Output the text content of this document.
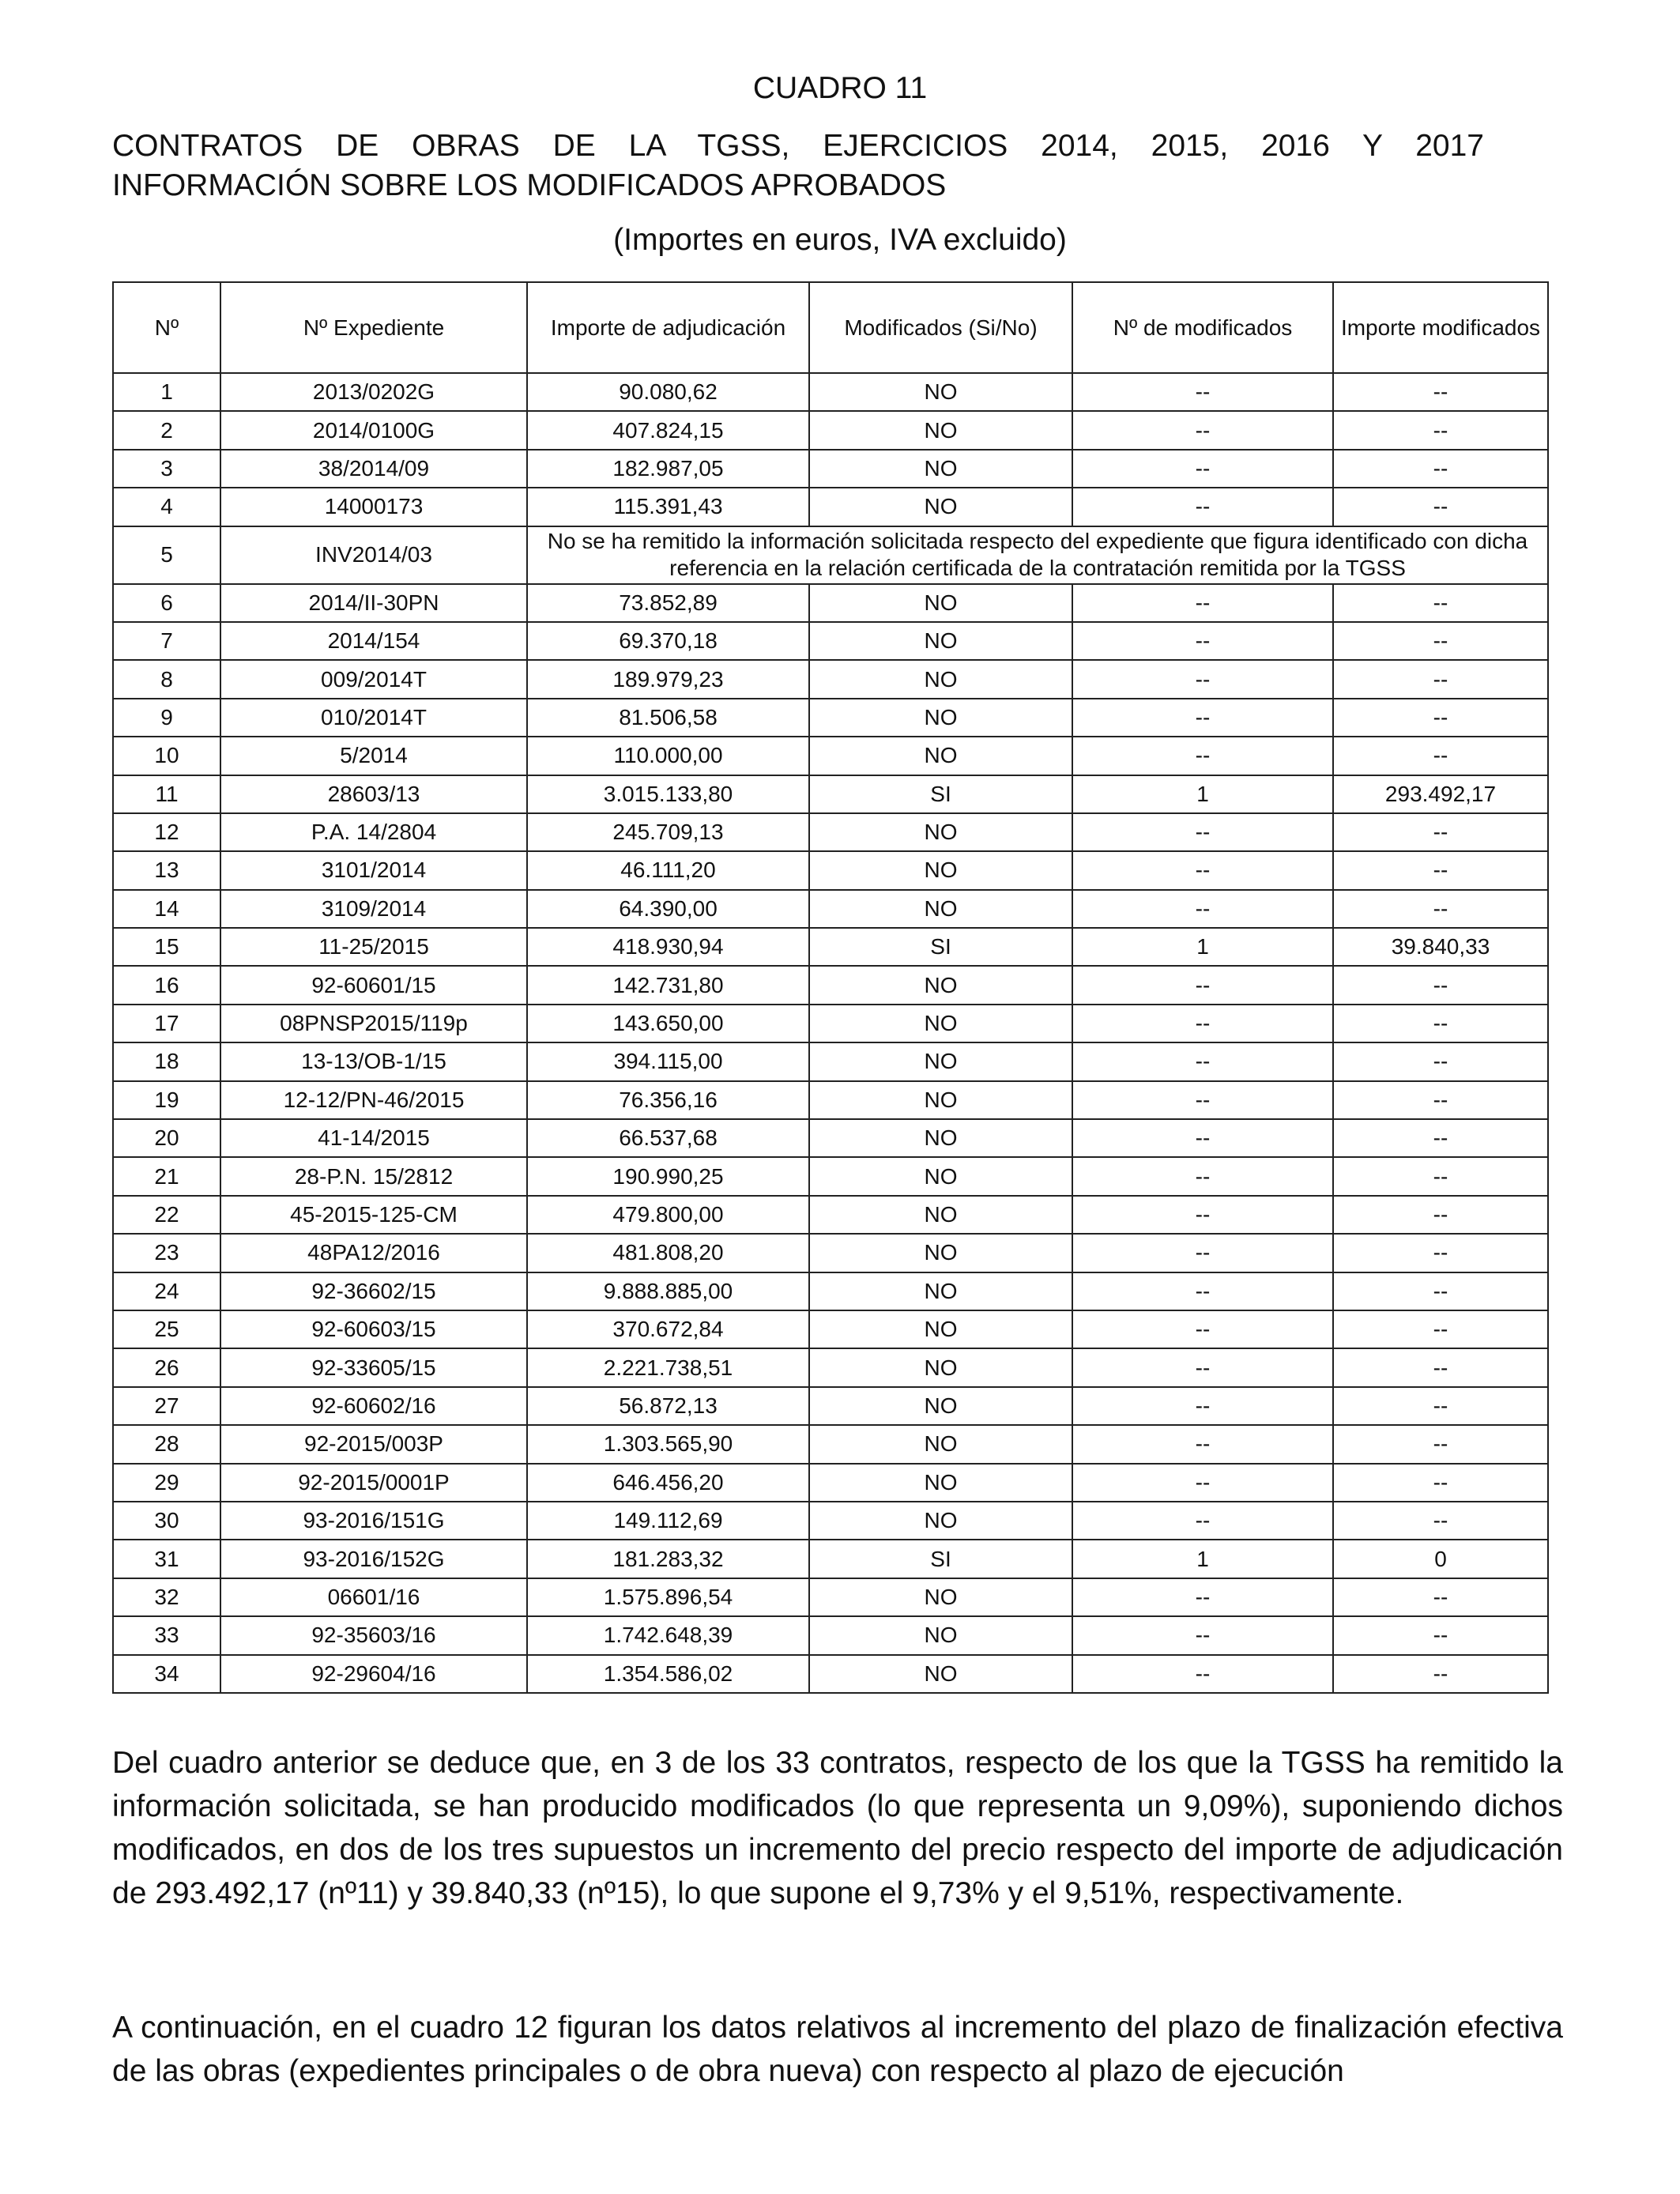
CUADRO 11
CONTRATOS DE OBRAS DE LA TGSS, EJERCICIOS 2014, 2015, 2016 Y 2017
INFORMACIÓN SOBRE LOS MODIFICADOS APROBADOS
(Importes en euros, IVA excluido)
Nº	Nº Expediente	Importe de adjudicación	Modificados (Si/No)	Nº de modificados	Importe modificados
1	2013/0202G	90.080,62	NO	--	--
2	2014/0100G	407.824,15	NO	--	--
3	38/2014/09	182.987,05	NO	--	--
4	14000173	115.391,43	NO	--	--
5	INV2014/03	No se ha remitido la información solicitada respecto del expediente que figura identificado con dicha referencia en la relación certificada de la contratación remitida por la TGSS			
6	2014/II-30PN	73.852,89	NO	--	--
7	2014/154	69.370,18	NO	--	--
8	009/2014T	189.979,23	NO	--	--
9	010/2014T	81.506,58	NO	--	--
10	5/2014	110.000,00	NO	--	--
11	28603/13	3.015.133,80	SI	1	293.492,17
12	P.A. 14/2804	245.709,13	NO	--	--
13	3101/2014	46.111,20	NO	--	--
14	3109/2014	64.390,00	NO	--	--
15	11-25/2015	418.930,94	SI	1	39.840,33
16	92-60601/15	142.731,80	NO	--	--
17	08PNSP2015/119p	143.650,00	NO	--	--
18	13-13/OB-1/15	394.115,00	NO	--	--
19	12-12/PN-46/2015	76.356,16	NO	--	--
20	41-14/2015	66.537,68	NO	--	--
21	28-P.N. 15/2812	190.990,25	NO	--	--
22	45-2015-125-CM	479.800,00	NO	--	--
23	48PA12/2016	481.808,20	NO	--	--
24	92-36602/15	9.888.885,00	NO	--	--
25	92-60603/15	370.672,84	NO	--	--
26	92-33605/15	2.221.738,51	NO	--	--
27	92-60602/16	56.872,13	NO	--	--
28	92-2015/003P	1.303.565,90	NO	--	--
29	92-2015/0001P	646.456,20	NO	--	--
30	93-2016/151G	149.112,69	NO	--	--
31	93-2016/152G	181.283,32	SI	1	0
32	06601/16	1.575.896,54	NO	--	--
33	92-35603/16	1.742.648,39	NO	--	--
34	92-29604/16	1.354.586,02	NO	--	--

Del cuadro anterior se deduce que, en 3 de los 33 contratos, respecto de los que la TGSS ha remitido la información solicitada, se han producido modificados (lo que representa un 9,09%), suponiendo dichos modificados, en dos de los tres supuestos un incremento del precio respecto del importe de adjudicación de 293.492,17 (nº11) y 39.840,33 (nº15), lo que supone el 9,73% y el 9,51%, respectivamente.

A continuación, en el cuadro 12 figuran los datos relativos al incremento del plazo de finalización efectiva de las obras (expedientes principales o de obra nueva) con respecto al plazo de ejecución
